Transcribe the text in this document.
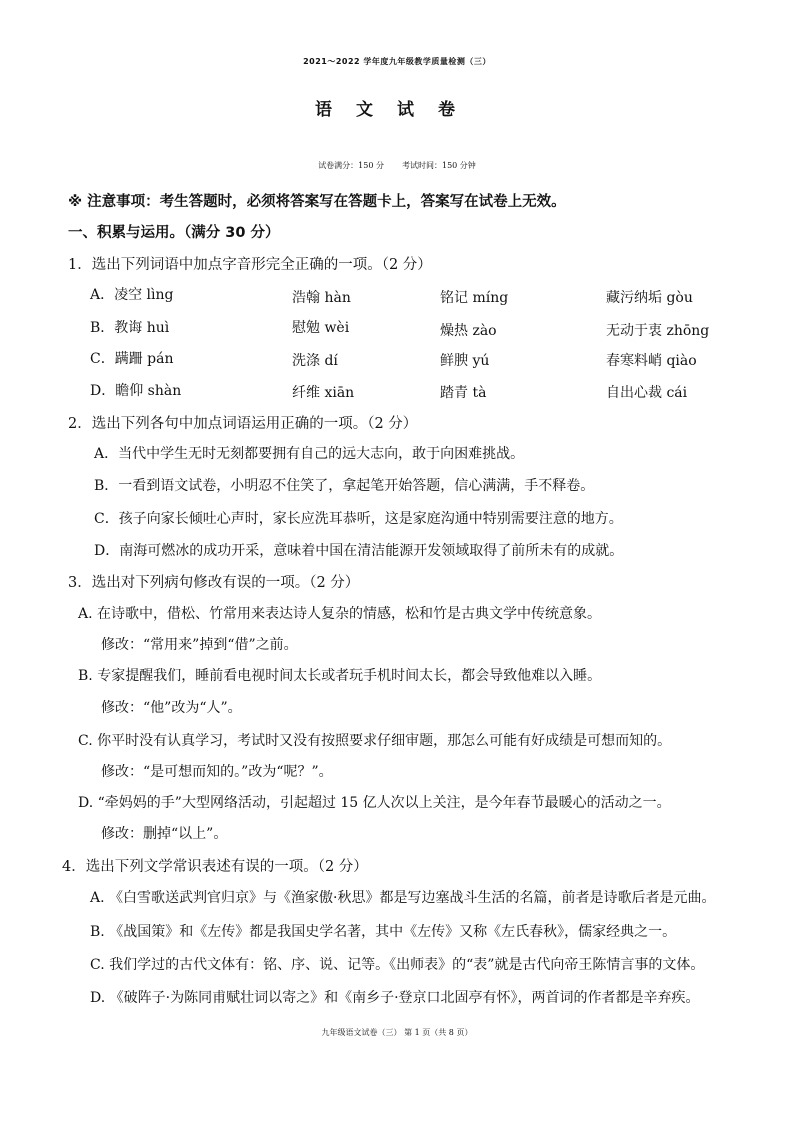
2021～2022 学年度九年级教学质量检测（三）
语文试卷
试卷满分：150 分 考试时间：150 分钟
※ 注意事项：考生答题时，必须将答案写在答题卡上，答案写在试卷上无效。
一、积累与运用。（满分 30 分）
1．选出下列词语中加点字音形完全正确的一项。（2 分）
A．凌空 lìng	浩翰 hàn	铭记 míng	藏污纳垢 gòu
B．教诲 huì	慰勉 wèi	燥热 zào	无动于衷 zhōng
C．蹒跚 pán	洗涤 dí	鲜腴 yú	春寒料峭 qiào
D．瞻仰 shàn	纤维 xiān	踏青 tà	自出心裁 cái
2．选出下列各句中加点词语运用正确的一项。（2 分）
A．当代中学生无时无刻都要拥有自己的远大志向，敢于向困难挑战。
B．一看到语文试卷，小明忍不住笑了，拿起笔开始答题，信心满满，手不释卷。
C．孩子向家长倾吐心声时，家长应洗耳恭听，这是家庭沟通中特别需要注意的地方。
D．南海可燃冰的成功开采，意味着中国在清洁能源开发领域取得了前所未有的成就。
3．选出对下列病句修改有误的一项。（2 分）
A. 在诗歌中，借松、竹常用来表达诗人复杂的情感，松和竹是古典文学中传统意象。
修改：“常用来”掉到“借”之前。
B. 专家提醒我们，睡前看电视时间太长或者玩手机时间太长，都会导致他难以入睡。
修改：“他”改为“人”。
C. 你平时没有认真学习，考试时又没有按照要求仔细审题，那怎么可能有好成绩是可想而知的。
修改：“是可想而知的。”改为“呢？”。
D. “牵妈妈的手”大型网络活动，引起超过 15 亿人次以上关注，是今年春节最暖心的活动之一。
修改：删掉“以上”。
4．选出下列文学常识表述有误的一项。（2 分）
A. 《白雪歌送武判官归京》与《渔家傲·秋思》都是写边塞战斗生活的名篇，前者是诗歌后者是元曲。
B. 《战国策》和《左传》都是我国史学名著，其中《左传》又称《左氏春秋》，儒家经典之一。
C. 我们学过的古代文体有：铭、序、说、记等。《出师表》的“表”就是古代向帝王陈情言事的文体。
D. 《破阵子·为陈同甫赋壮词以寄之》和《南乡子·登京口北固亭有怀》，两首词的作者都是辛弃疾。
九年级语文试卷（三） 第 1 页（共 8 页）
